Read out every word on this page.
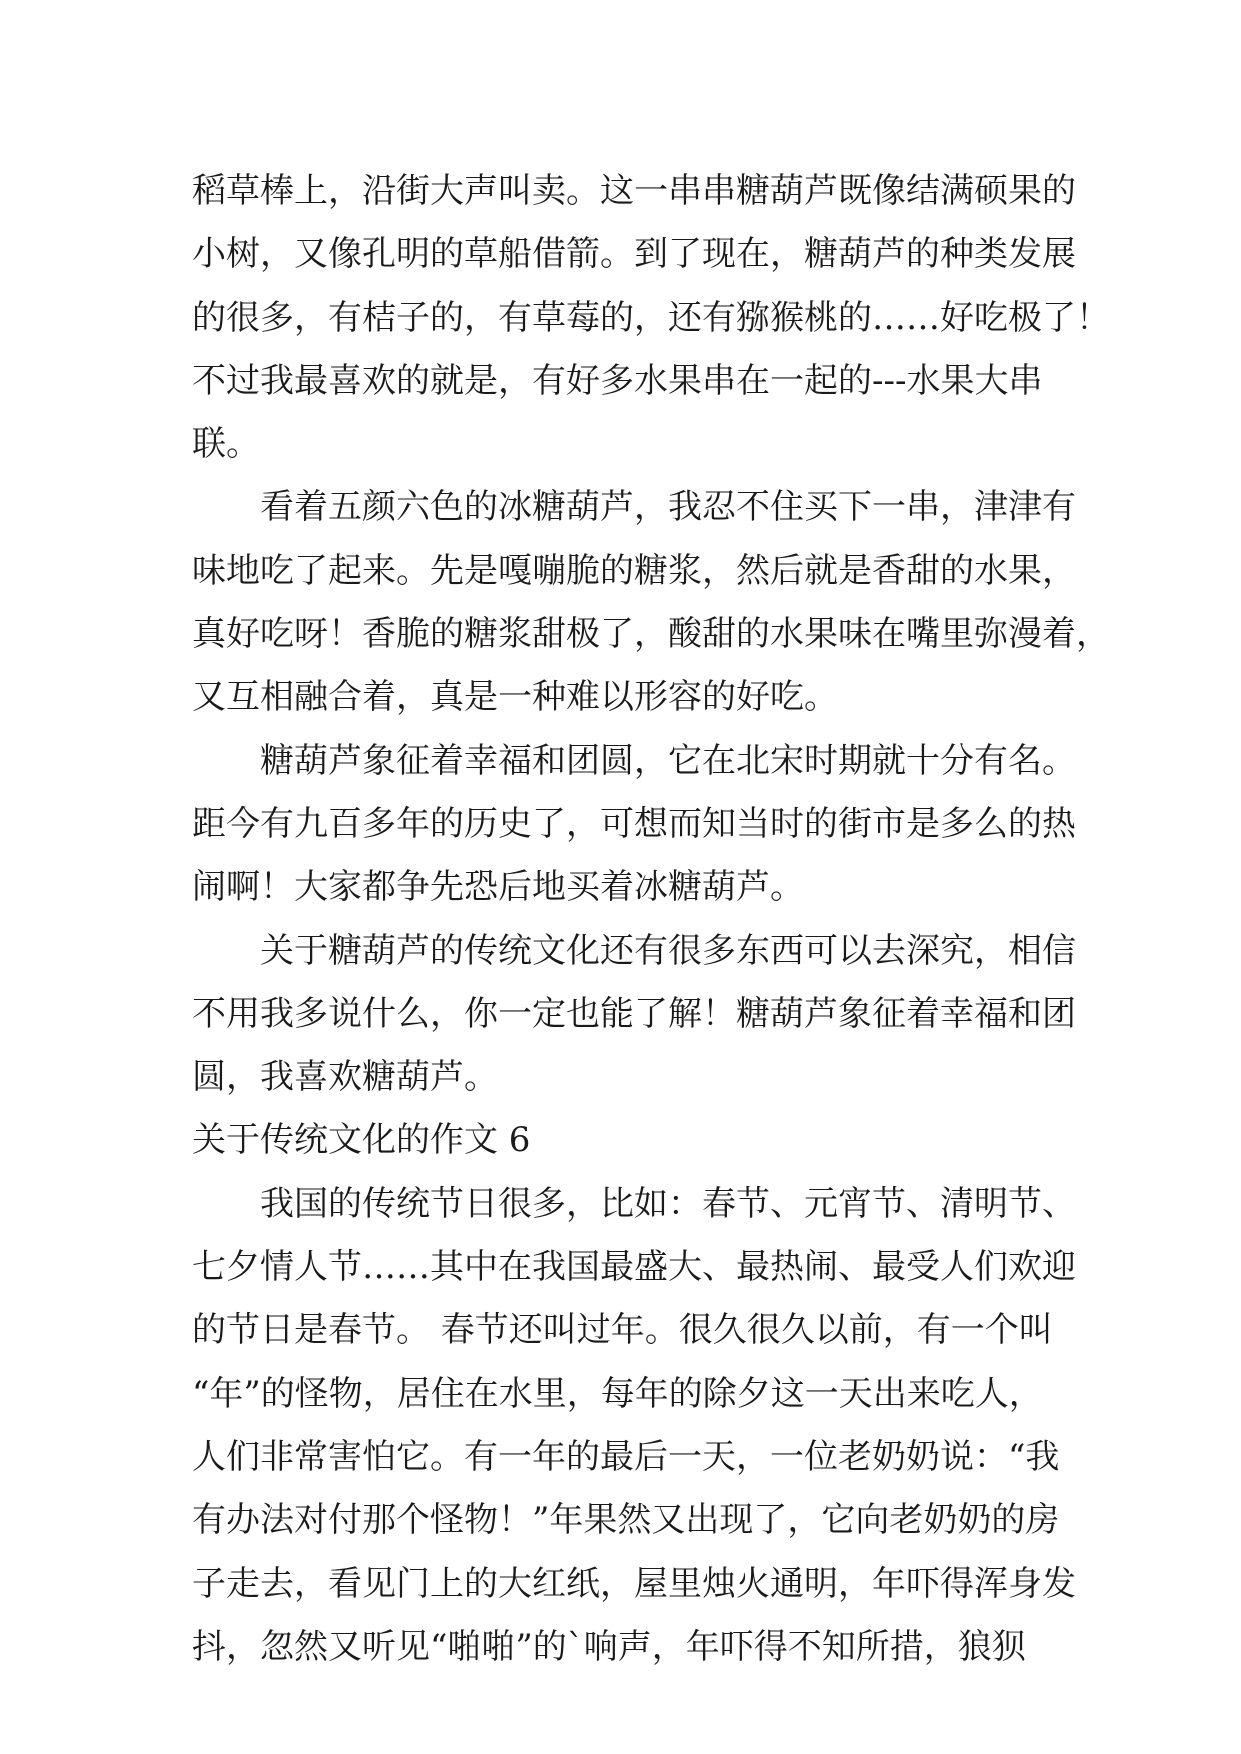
稻草棒上，沿街大声叫卖。这一串串糖葫芦既像结满硕果的
小树，又像孔明的草船借箭。到了现在，糖葫芦的种类发展
的很多，有桔子的，有草莓的，还有猕猴桃的……好吃极了！
不过我最喜欢的就是，有好多水果串在一起的---水果大串
联。
　　看着五颜六色的冰糖葫芦，我忍不住买下一串，津津有
味地吃了起来。先是嘎嘣脆的糖浆，然后就是香甜的水果，
真好吃呀！香脆的糖浆甜极了，酸甜的水果味在嘴里弥漫着，
又互相融合着，真是一种难以形容的好吃。
　　糖葫芦象征着幸福和团圆，它在北宋时期就十分有名。
距今有九百多年的历史了，可想而知当时的街市是多么的热
闹啊！大家都争先恐后地买着冰糖葫芦。
　　关于糖葫芦的传统文化还有很多东西可以去深究，相信
不用我多说什么，你一定也能了解！糖葫芦象征着幸福和团
圆，我喜欢糖葫芦。
关于传统文化的作文 6
　　我国的传统节日很多，比如：春节、元宵节、清明节、
七夕情人节……其中在我国最盛大、最热闹、最受人们欢迎
的节日是春节。 春节还叫过年。很久很久以前，有一个叫
“年”的怪物，居住在水里，每年的除夕这一天出来吃人，
人们非常害怕它。有一年的最后一天，一位老奶奶说：“我
有办法对付那个怪物！”年果然又出现了，它向老奶奶的房
子走去，看见门上的大红纸，屋里烛火通明，年吓得浑身发
抖，忽然又听见“啪啪”的`响声，年吓得不知所措，狼狈
